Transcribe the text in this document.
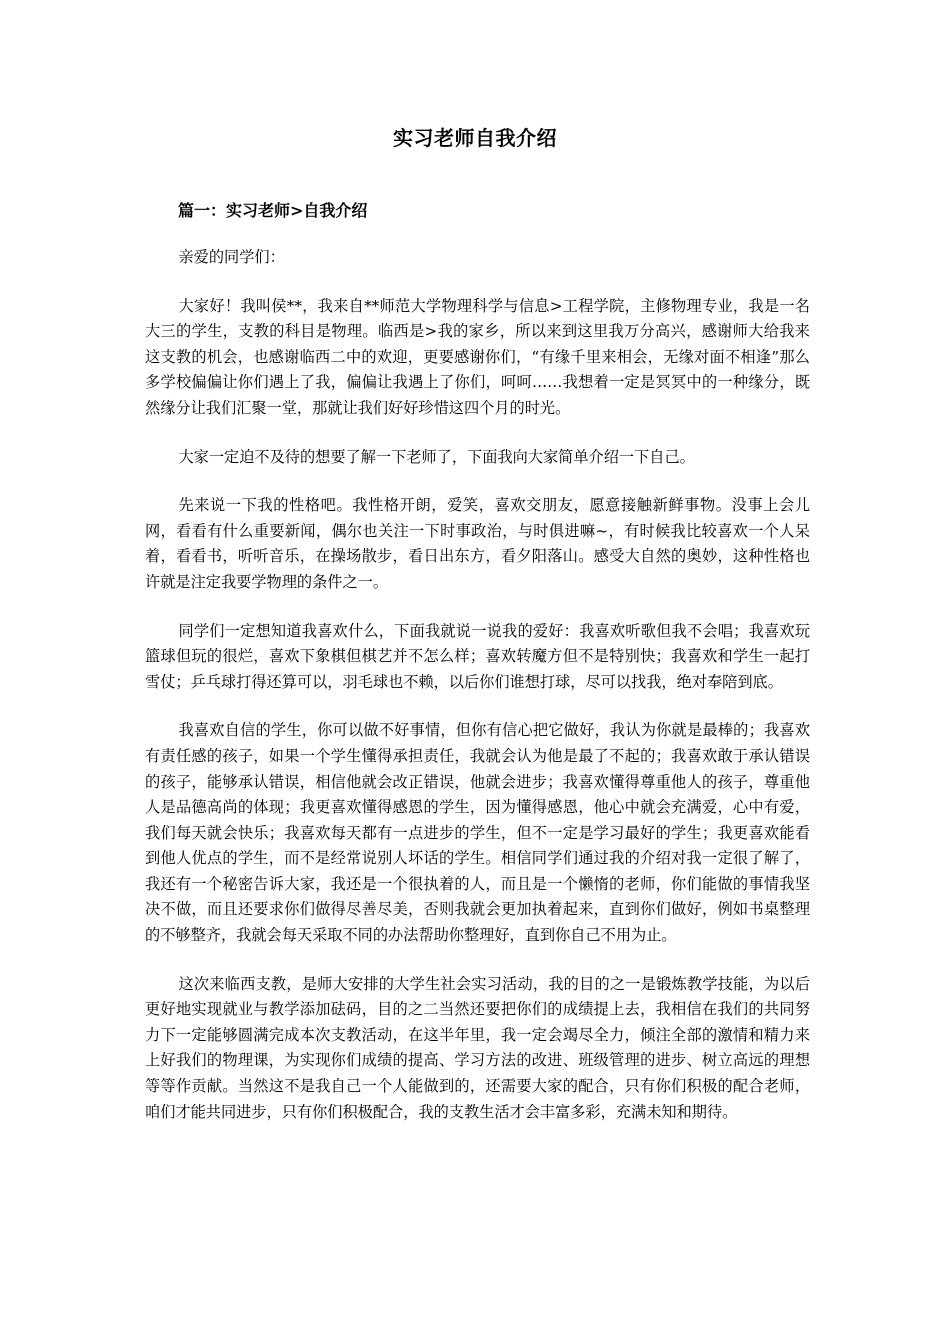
实习老师自我介绍
篇一：实习老师>自我介绍

亲爱的同学们：

大家好！我叫侯**，我来自**师范大学物理科学与信息>工程学院，主修物理专业，我是一名大三的学生，支教的科目是物理。临西是>我的家乡，所以来到这里我万分高兴，感谢师大给我来这支教的机会，也感谢临西二中的欢迎，更要感谢你们，“有缘千里来相会，无缘对面不相逢”那么多学校偏偏让你们遇上了我，偏偏让我遇上了你们，呵呵……我想着一定是冥冥中的一种缘分，既然缘分让我们汇聚一堂，那就让我们好好珍惜这四个月的时光。

大家一定迫不及待的想要了解一下老师了，下面我向大家简单介绍一下自己。

先来说一下我的性格吧。我性格开朗，爱笑，喜欢交朋友，愿意接触新鲜事物。没事上会儿网，看看有什么重要新闻，偶尔也关注一下时事政治，与时俱进嘛~，有时候我比较喜欢一个人呆着，看看书，听听音乐，在操场散步，看日出东方，看夕阳落山。感受大自然的奥妙，这种性格也许就是注定我要学物理的条件之一。

同学们一定想知道我喜欢什么，下面我就说一说我的爱好：我喜欢听歌但我不会唱；我喜欢玩篮球但玩的很烂，喜欢下象棋但棋艺并不怎么样；喜欢转魔方但不是特别快；我喜欢和学生一起打雪仗；乒乓球打得还算可以，羽毛球也不赖，以后你们谁想打球，尽可以找我，绝对奉陪到底。

我喜欢自信的学生，你可以做不好事情，但你有信心把它做好，我认为你就是最棒的；我喜欢有责任感的孩子，如果一个学生懂得承担责任，我就会认为他是最了不起的；我喜欢敢于承认错误的孩子，能够承认错误，相信他就会改正错误，他就会进步；我喜欢懂得尊重他人的孩子，尊重他人是品德高尚的体现；我更喜欢懂得感恩的学生，因为懂得感恩，他心中就会充满爱，心中有爱，我们每天就会快乐；我喜欢每天都有一点进步的学生，但不一定是学习最好的学生；我更喜欢能看到他人优点的学生，而不是经常说别人坏话的学生。相信同学们通过我的介绍对我一定很了解了，我还有一个秘密告诉大家，我还是一个很执着的人，而且是一个懒惰的老师，你们能做的事情我坚决不做，而且还要求你们做得尽善尽美，否则我就会更加执着起来，直到你们做好，例如书桌整理的不够整齐，我就会每天采取不同的办法帮助你整理好，直到你自己不用为止。

这次来临西支教，是师大安排的大学生社会实习活动，我的目的之一是锻炼教学技能，为以后更好地实现就业与教学添加砝码，目的之二当然还要把你们的成绩提上去，我相信在我们的共同努力下一定能够圆满完成本次支教活动，在这半年里，我一定会竭尽全力，倾注全部的激情和精力来上好我们的物理课，为实现你们成绩的提高、学习方法的改进、班级管理的进步、树立高远的理想等等作贡献。当然这不是我自己一个人能做到的，还需要大家的配合，只有你们积极的配合老师，咱们才能共同进步，只有你们积极配合，我的支教生活才会丰富多彩，充满未知和期待。
